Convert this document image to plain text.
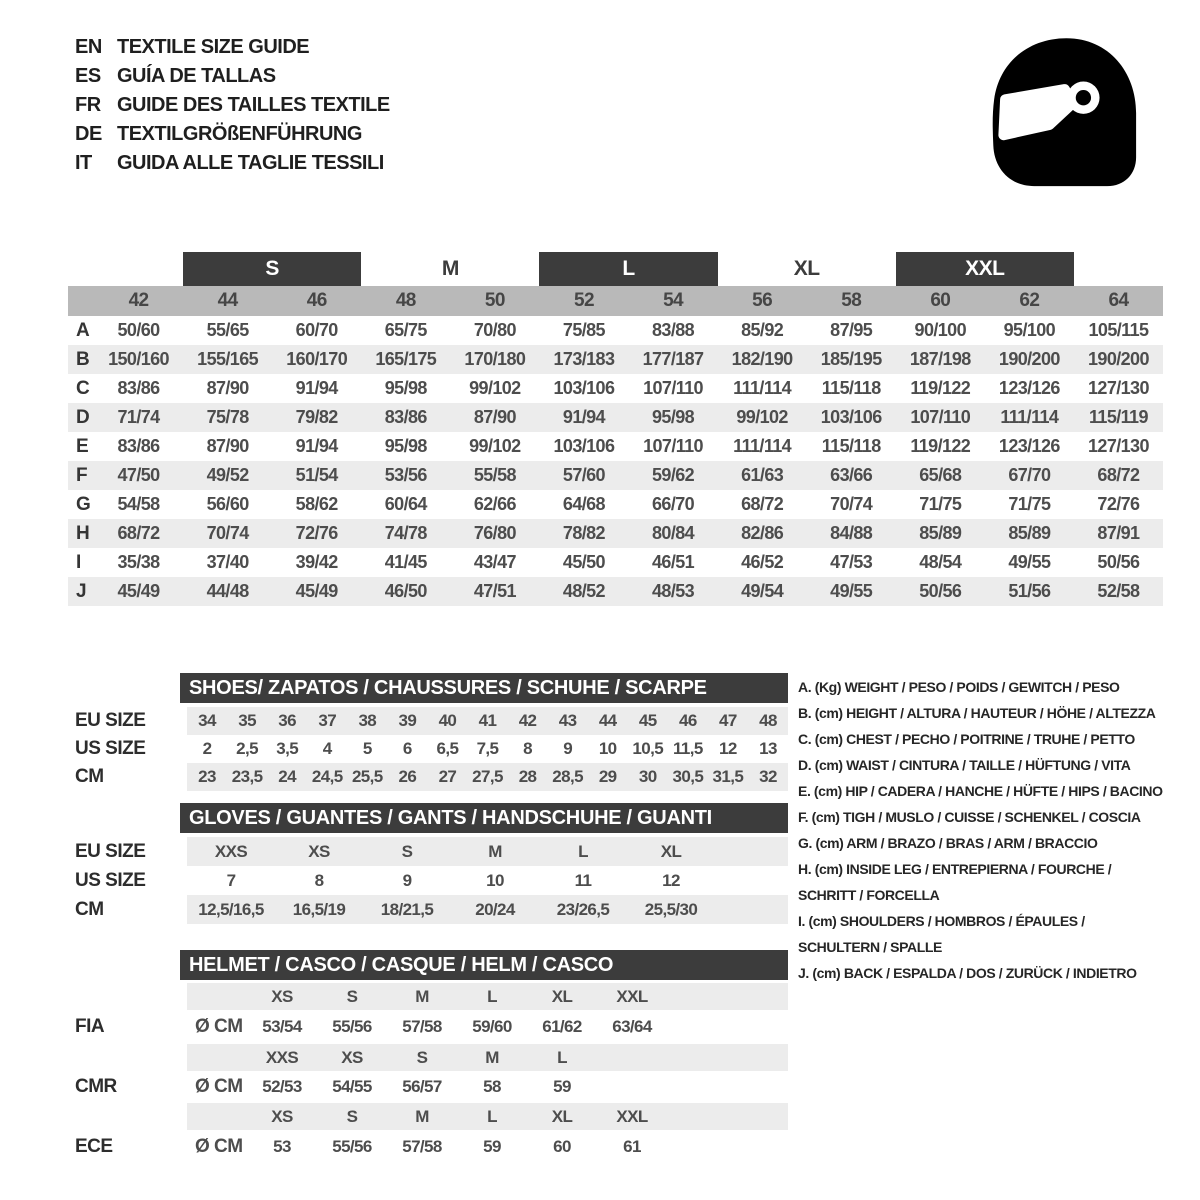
EN TEXTILE SIZE GUIDE
ES GUÍA DE TALLAS
FR GUIDE DES TAILLES TEXTILE
DE TEXTILGRÖßENFÜHRUNG
IT	GUIDA ALLE TAGLIE TESSILI
S	M	L	XL	XXL
42	44	46	48	50	52	54	56	58	60	62	64
A	50/60	55/65	60/70	65/75	70/80	75/85	83/88	85/92	87/95	90/100	95/100	105/115
B	150/160	155/165	160/170	165/175	170/180	173/183	177/187	182/190	185/195	187/198	190/200	190/200
C	83/86	87/90	91/94	95/98	99/102	103/106	107/110	111/114	115/118	119/122	123/126	127/130
D	71/74	75/78	79/82	83/86	87/90	91/94	95/98	99/102	103/106	107/110	111/114	115/119
E	83/86	87/90	91/94	95/98	99/102	103/106	107/110	111/114	115/118	119/122	123/126	127/130
F	47/50	49/52	51/54	53/56	55/58	57/60	59/62	61/63	63/66	65/68	67/70	68/72
G	54/58	56/60	58/62	60/64	62/66	64/68	66/70	68/72	70/74	71/75	71/75	72/76
H	68/72	70/74	72/76	74/78	76/80	78/82	80/84	82/86	84/88	85/89	85/89	87/91
I	35/38	37/40	39/42	41/45	43/47	45/50	46/51	46/52	47/53	48/54	49/55	50/56
J	45/49	44/48	45/49	46/50	47/51	48/52	48/53	49/54	49/55	50/56	51/56	52/58
SHOES/ ZAPATOS / CHAUSSURES / SCHUHE / SCARPE
EU SIZE	34	35	36	37	38	39	40	41	42	43	44	45	46	47	48
US SIZE	2	2,5	3,5	4	5	6	6,5	7,5	8	9	10 10,5 11,5 12	13
CM	23 23,5 24 24,5 25,5 26	27 27,5 28 28,5 29	30 30,5 31,5 32
GLOVES / GUANTES / GANTS / HANDSCHUHE / GUANTI
EU SIZE	XXS	XS	S	M	L	XL
US SIZE	7	8	9	10	11	12
CM	12,5/16,5	16,5/19	18/21,5	20/24	23/26,5	25,5/30
HELMET / CASCO / CASQUE / HELM / CASCO
XS	S	M	L	XL	XXL
FIA	Ø CM	53/54	55/56	57/58	59/60	61/62	63/64
XXS	XS	S	M	L
CMR	Ø CM	52/53	54/55	56/57	58	59
XS	S	M	L	XL	XXL
ECE	Ø CM	53	55/56	57/58	59	60	61
A. (Kg) WEIGHT / PESO / POIDS / GEWITCH / PESO
B. (cm) HEIGHT / ALTURA / HAUTEUR / HÖHE / ALTEZZA
C. (cm) CHEST / PECHO / POITRINE / TRUHE / PETTO
D. (cm) WAIST / CINTURA / TAILLE / HÜFTUNG / VITA
E. (cm) HIP / CADERA / HANCHE / HÜFTE / HIPS / BACINO
F. (cm) TIGH / MUSLO / CUISSE / SCHENKEL / COSCIA
G. (cm) ARM / BRAZO / BRAS / ARM / BRACCIO
H. (cm) INSIDE LEG / ENTREPIERNA / FOURCHE /
SCHRITT / FORCELLA
I. (cm) SHOULDERS / HOMBROS / ÉPAULES /
SCHULTERN / SPALLE
J. (cm) BACK / ESPALDA / DOS / ZURÜCK / INDIETRO
